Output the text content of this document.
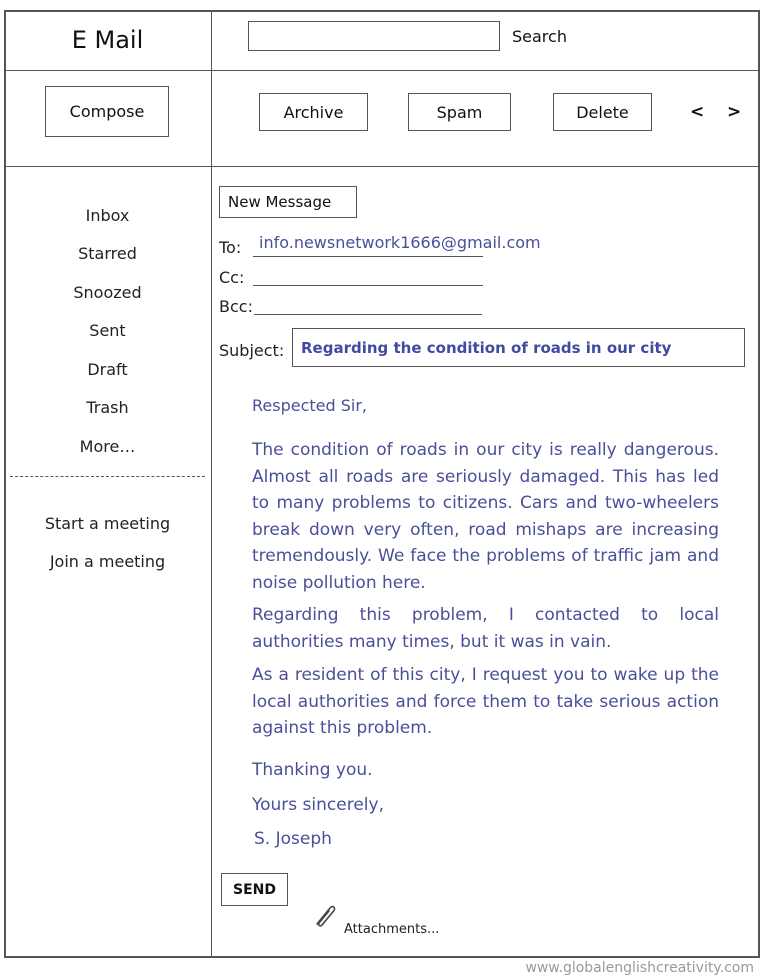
E Mail	Search
Compose	Archive	Spam	Delete	< >
Inbox
Starred
Snoozed
Sent
Draft
Trash
More…
Start a meeting
Join a meeting
New Message
To: info.newsnetwork1666@gmail.com
Cc:
Bcc:
Subject:	Regarding the condition of roads in our city
Respected Sir,
The condition of roads in our city is really dangerous. Almost all roads are seriously damaged. This has led to many problems to citizens. Cars and two-wheelers break down very often, road mishaps are increasing tremendously. We face the problems of traffic jam and noise pollution here.
Regarding this problem, I contacted to local authorities many times, but it was in vain.
As a resident of this city, I request you to wake up the local authorities and force them to take serious action against this problem.
Thanking you.
Yours sincerely,
S. Joseph
SEND
Attachments...
www.globalenglishcreativity.com
